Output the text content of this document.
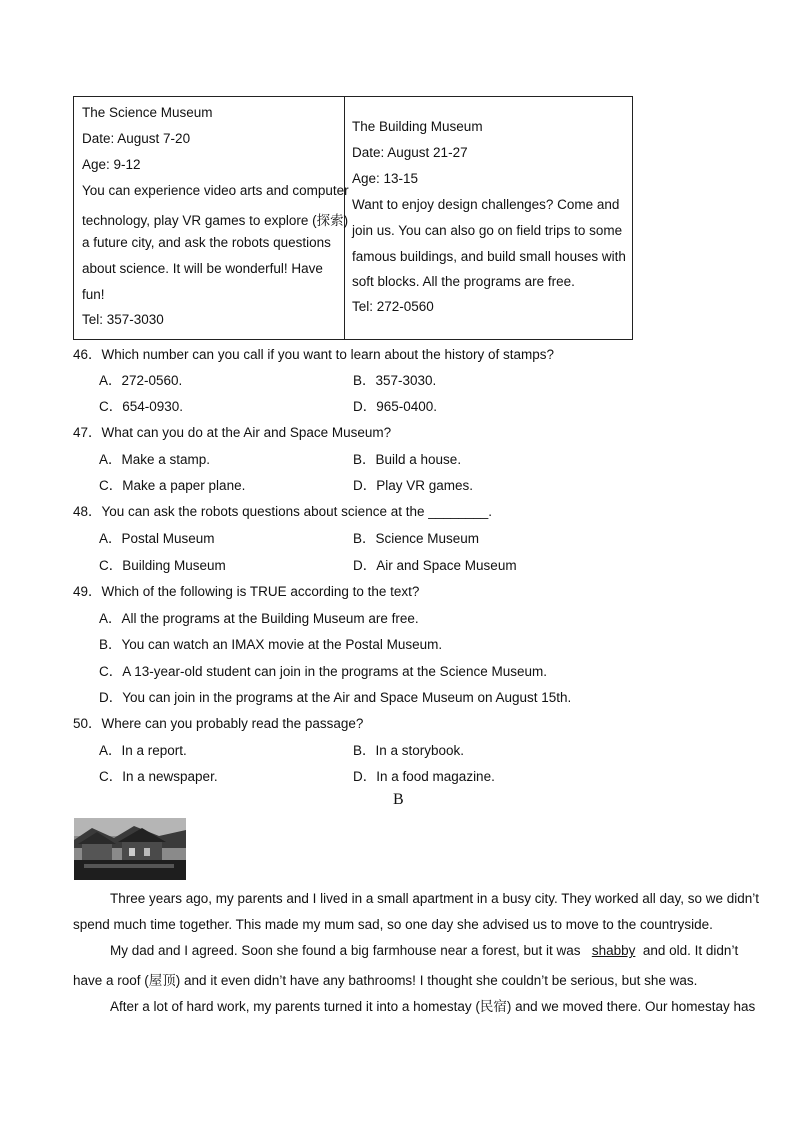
The Science Museum
Date: August 7-20
Age: 9-12
You can experience video arts and computer
technology, play VR games to explore (探索)
a future city, and ask the robots questions
about science. It will be wonderful! Have
fun!
Tel: 357-3030
The Building Museum
Date: August 21-27
Age: 13-15
Want to enjoy design challenges? Come and
join us. You can also go on field trips to some
famous buildings, and build small houses with
soft blocks. All the programs are free.
Tel: 272-0560
46．Which number can you call if you want to learn about the history of stamps?
A．272-0560.	B．357-3030.
C．654-0930.	D．965-0400.
47．What can you do at the Air and Space Museum?
A．Make a stamp.	B．Build a house.
C．Make a paper plane.	D．Play VR games.
48．You can ask the robots questions about science at the ________.
A．Postal Museum	B．Science Museum
C．Building Museum	D．Air and Space Museum
49．Which of the following is TRUE according to the text?
A．All the programs at the Building Museum are free.
B．You can watch an IMAX movie at the Postal Museum.
C．A 13-year-old student can join in the programs at the Science Museum.
D．You can join in the programs at the Air and Space Museum on August 15th.
50．Where can you probably read the passage?
A．In a report.	B．In a storybook.
C．In a newspaper.	D．In a food magazine.
B
Three years ago, my parents and I lived in a small apartment in a busy city. They worked all day, so we didn’t
spend much time together. This made my mum sad, so one day she advised us to move to the countryside.
My dad and I agreed. Soon she found a big farmhouse near a forest, but it was shabby and old. It didn’t
have a roof (屋顶) and it even didn’t have any bathrooms! I thought she couldn’t be serious, but she was.
After a lot of hard work, my parents turned it into a homestay (民宿) and we moved there. Our homestay has
